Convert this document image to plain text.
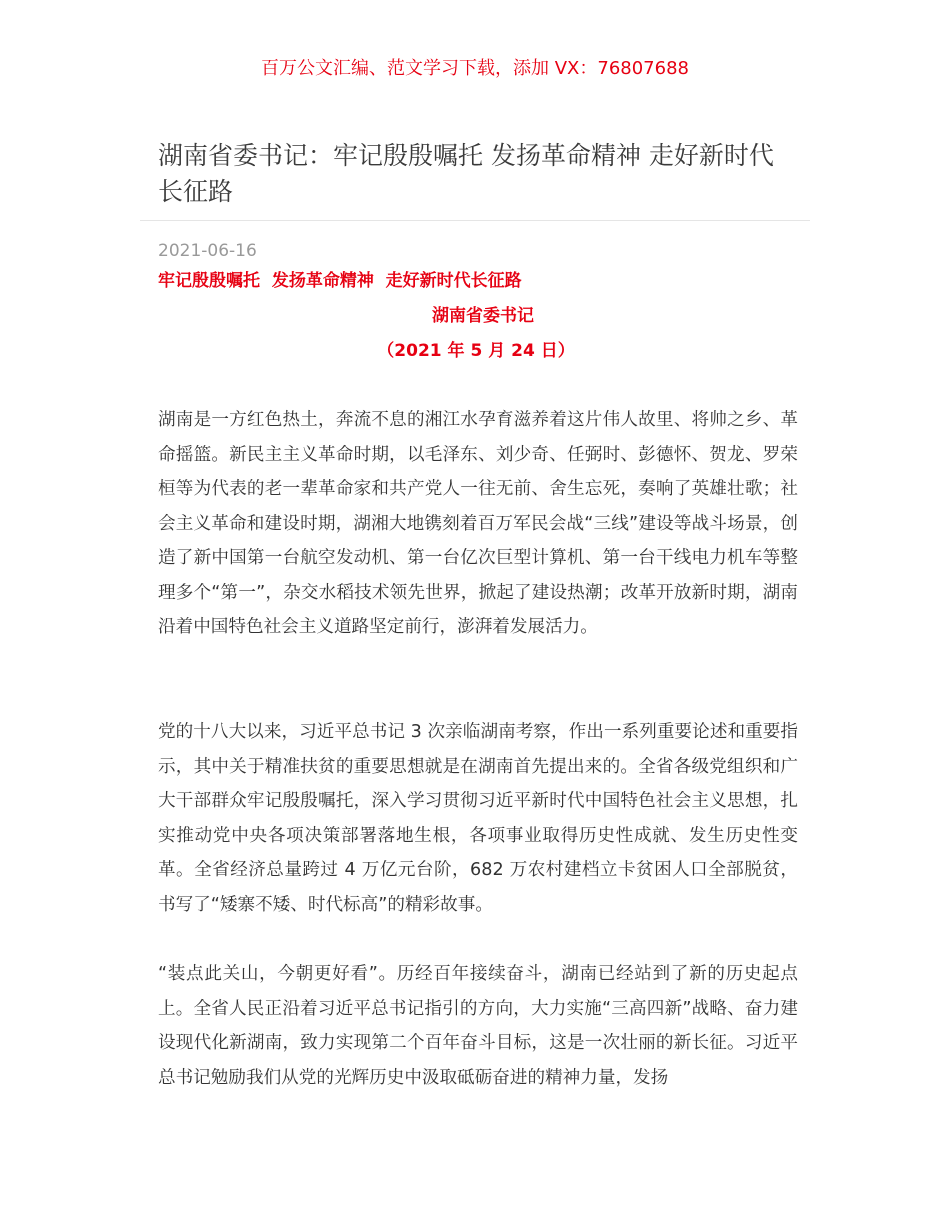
百万公文汇编、范文学习下载，添加 VX：76807688
湖南省委书记：牢记殷殷嘱托 发扬革命精神 走好新时代长征路
2021-06-16
牢记殷殷嘱托  发扬革命精神  走好新时代长征路
湖南省委书记
（2021 年 5 月 24 日）

湖南是一方红色热土，奔流不息的湘江水孕育滋养着这片伟人故里、将帅之乡、革命摇篮。新民主主义革命时期，以毛泽东、刘少奇、任弼时、彭德怀、贺龙、罗荣桓等为代表的老一辈革命家和共产党人一往无前、舍生忘死，奏响了英雄壮歌；社会主义革命和建设时期，湖湘大地镌刻着百万军民会战“三线”建设等战斗场景，创造了新中国第一台航空发动机、第一台亿次巨型计算机、第一台干线电力机车等整理多个“第一”，杂交水稻技术领先世界，掀起了建设热潮；改革开放新时期，湖南沿着中国特色社会主义道路坚定前行，澎湃着发展活力。

党的十八大以来，习近平总书记 3 次亲临湖南考察，作出一系列重要论述和重要指示，其中关于精准扶贫的重要思想就是在湖南首先提出来的。全省各级党组织和广大干部群众牢记殷殷嘱托，深入学习贯彻习近平新时代中国特色社会主义思想，扎实推动党中央各项决策部署落地生根，各项事业取得历史性成就、发生历史性变革。全省经济总量跨过 4 万亿元台阶，682 万农村建档立卡贫困人口全部脱贫，书写了“矮寨不矮、时代标高”的精彩故事。

“装点此关山，今朝更好看”。历经百年接续奋斗，湖南已经站到了新的历史起点上。全省人民正沿着习近平总书记指引的方向，大力实施“三高四新”战略、奋力建设现代化新湖南，致力实现第二个百年奋斗目标，这是一次壮丽的新长征。习近平总书记勉励我们从党的光辉历史中汲取砥砺奋进的精神力量，发扬
